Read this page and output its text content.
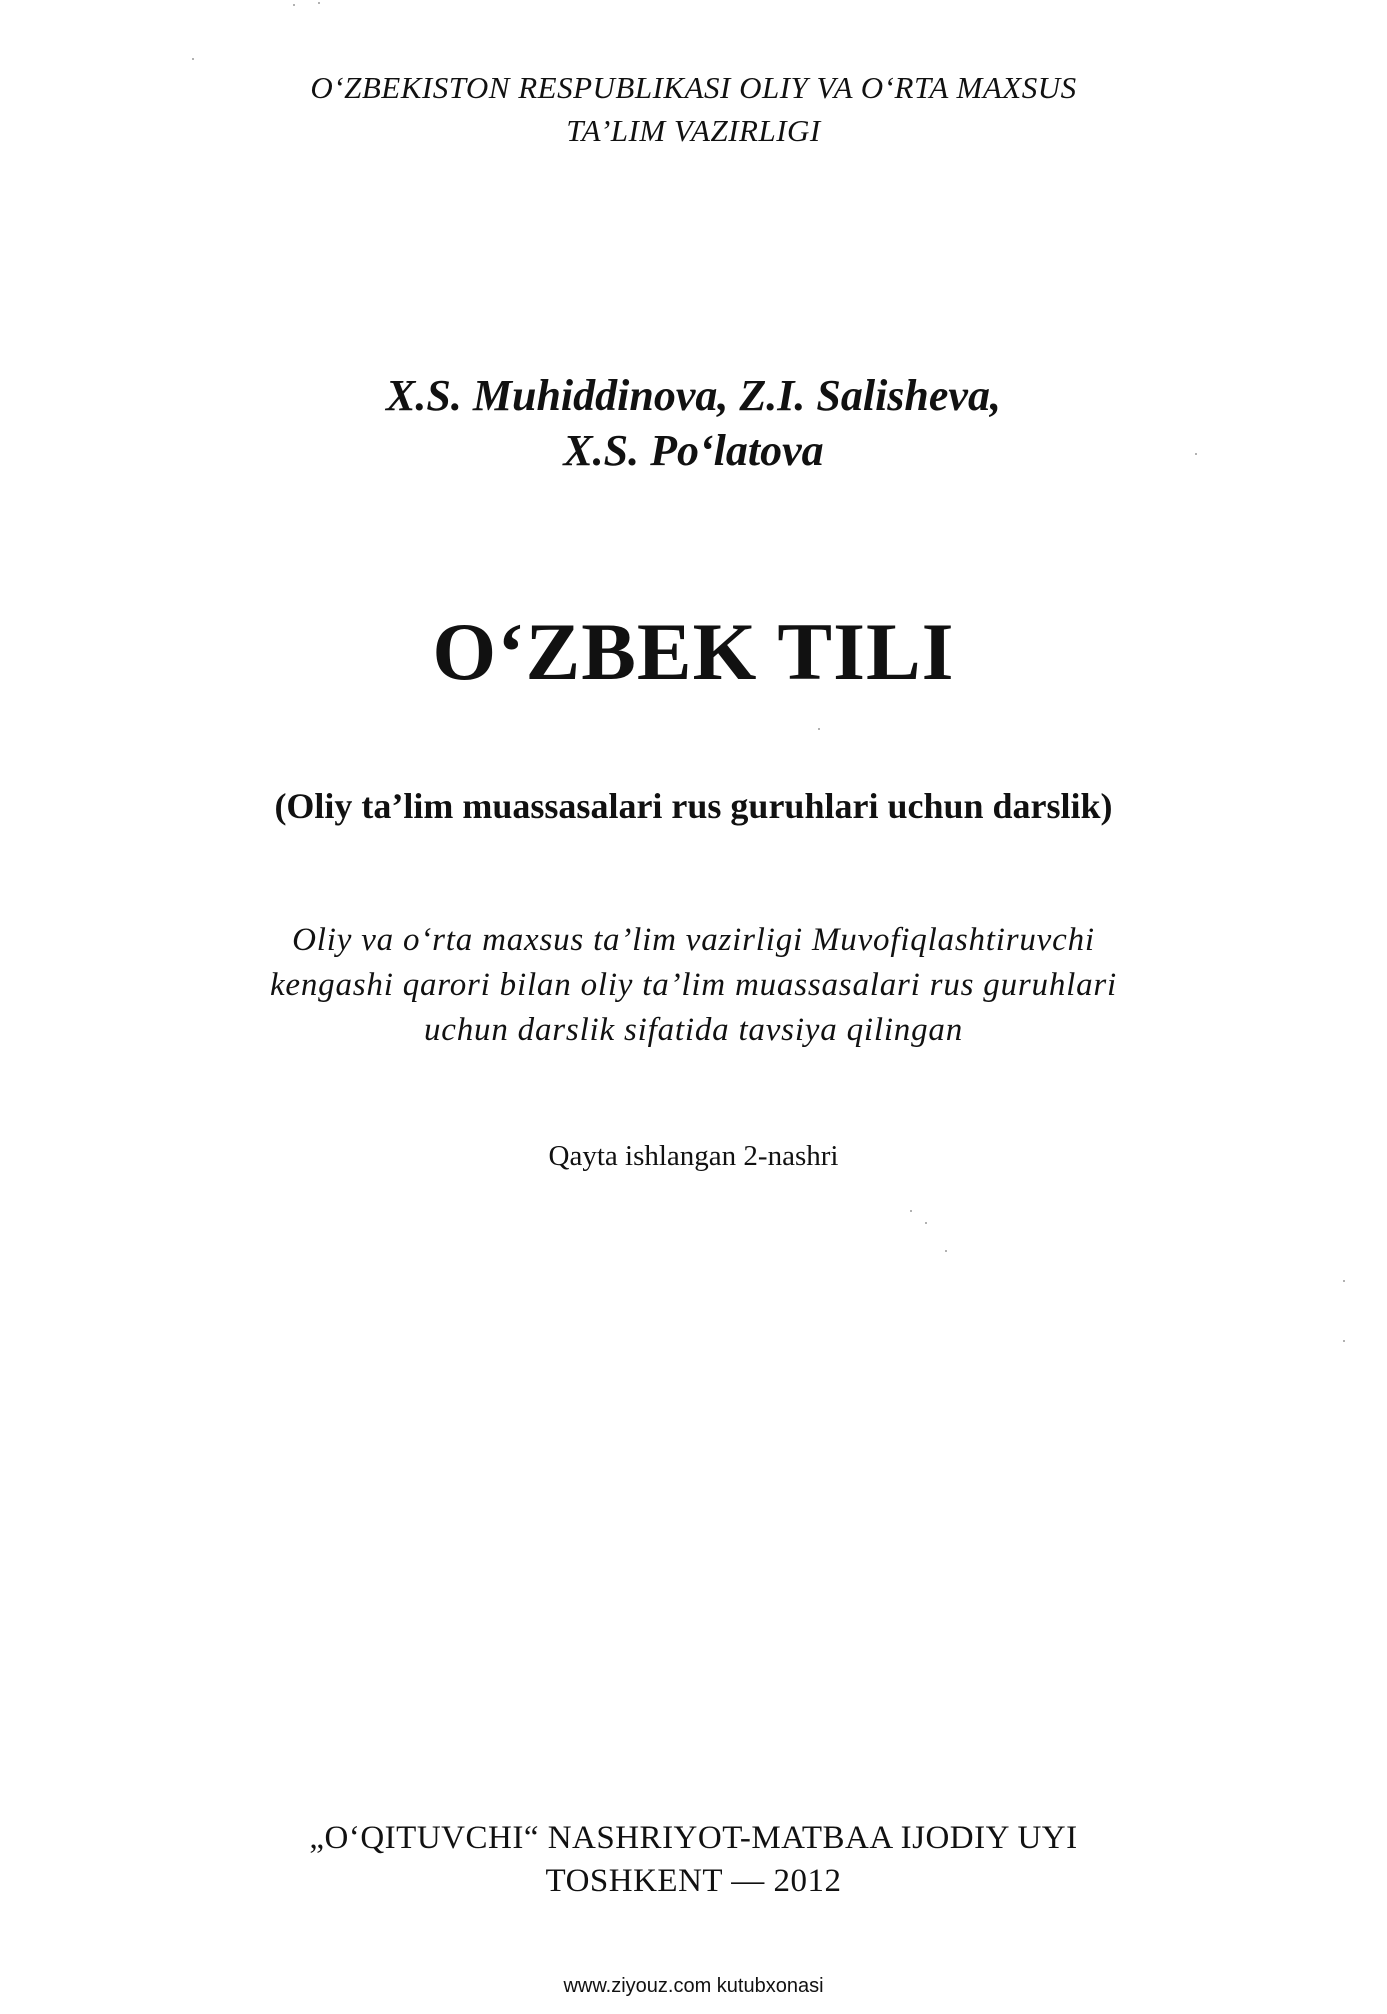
O‘ZBEKISTON RESPUBLIKASI OLIY VA O‘RTA MAXSUS
TA’LIM VAZIRLIGI
X.S. Muhiddinova, Z.I. Salisheva,
X.S. Po‘latova
O‘ZBEK TILI
(Oliy ta’lim muassasalari rus guruhlari uchun darslik)
Oliy va o‘rta maxsus ta’lim vazirligi Muvofiqlashtiruvchi
kengashi qarori bilan oliy ta’lim muassasalari rus guruhlari
uchun darslik sifatida tavsiya qilingan
Qayta ishlangan 2-nashri
„O‘QITUVCHI“ NASHRIYOT-MATBAA IJODIY UYI
TOSHKENT — 2012
www.ziyouz.com kutubxonasi
